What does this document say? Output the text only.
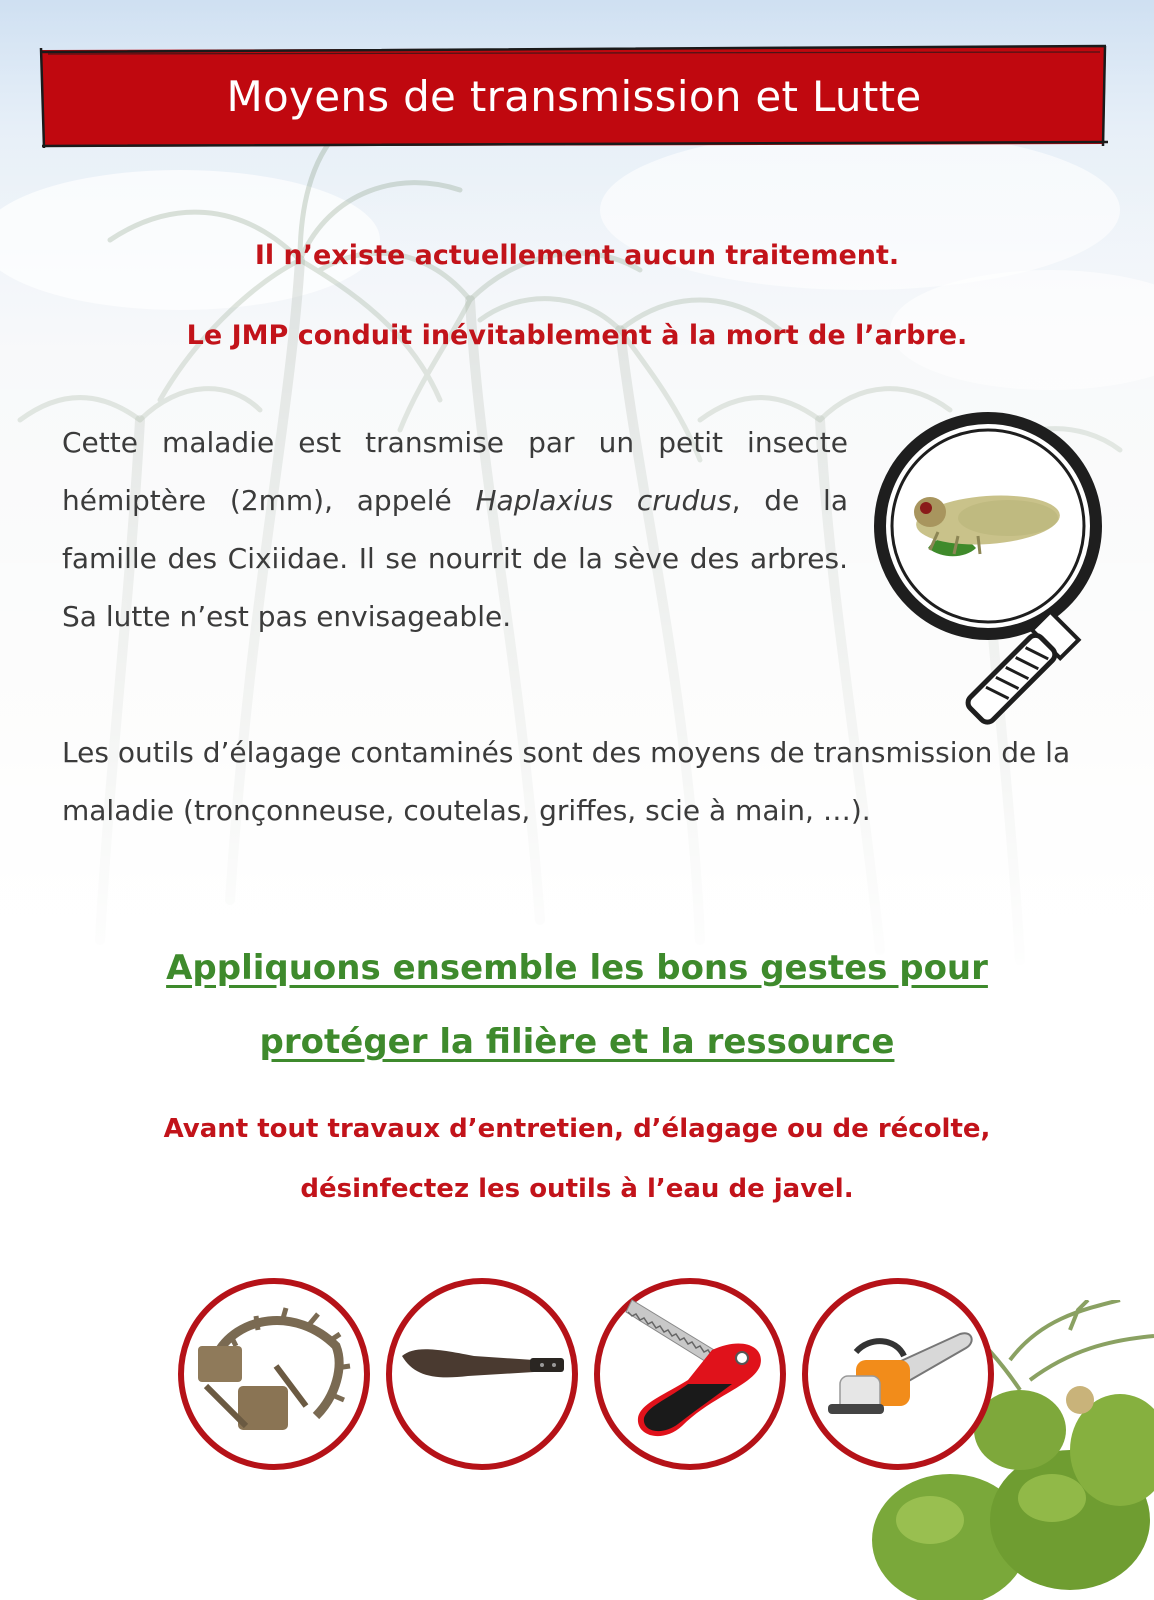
Moyens de transmission et Lutte
Il n’existe actuellement aucun traitement.
Le JMP conduit inévitablement à la mort de l’arbre.
Cette maladie est transmise par un petit insecte hémiptère (2mm), appelé Haplaxius crudus, de la famille des Cixiidae. Il se nourrit de la sève des arbres. Sa lutte n’est pas envisageable.
Les outils d’élagage contaminés sont des moyens de transmission de la maladie (tronçonneuse, coutelas, griffes, scie à main, …).
Appliquons ensemble les bons gestes pour
protéger la filière et la ressource
Avant tout travaux d’entretien, d’élagage ou de récolte,
désinfectez les outils à l’eau de javel.
